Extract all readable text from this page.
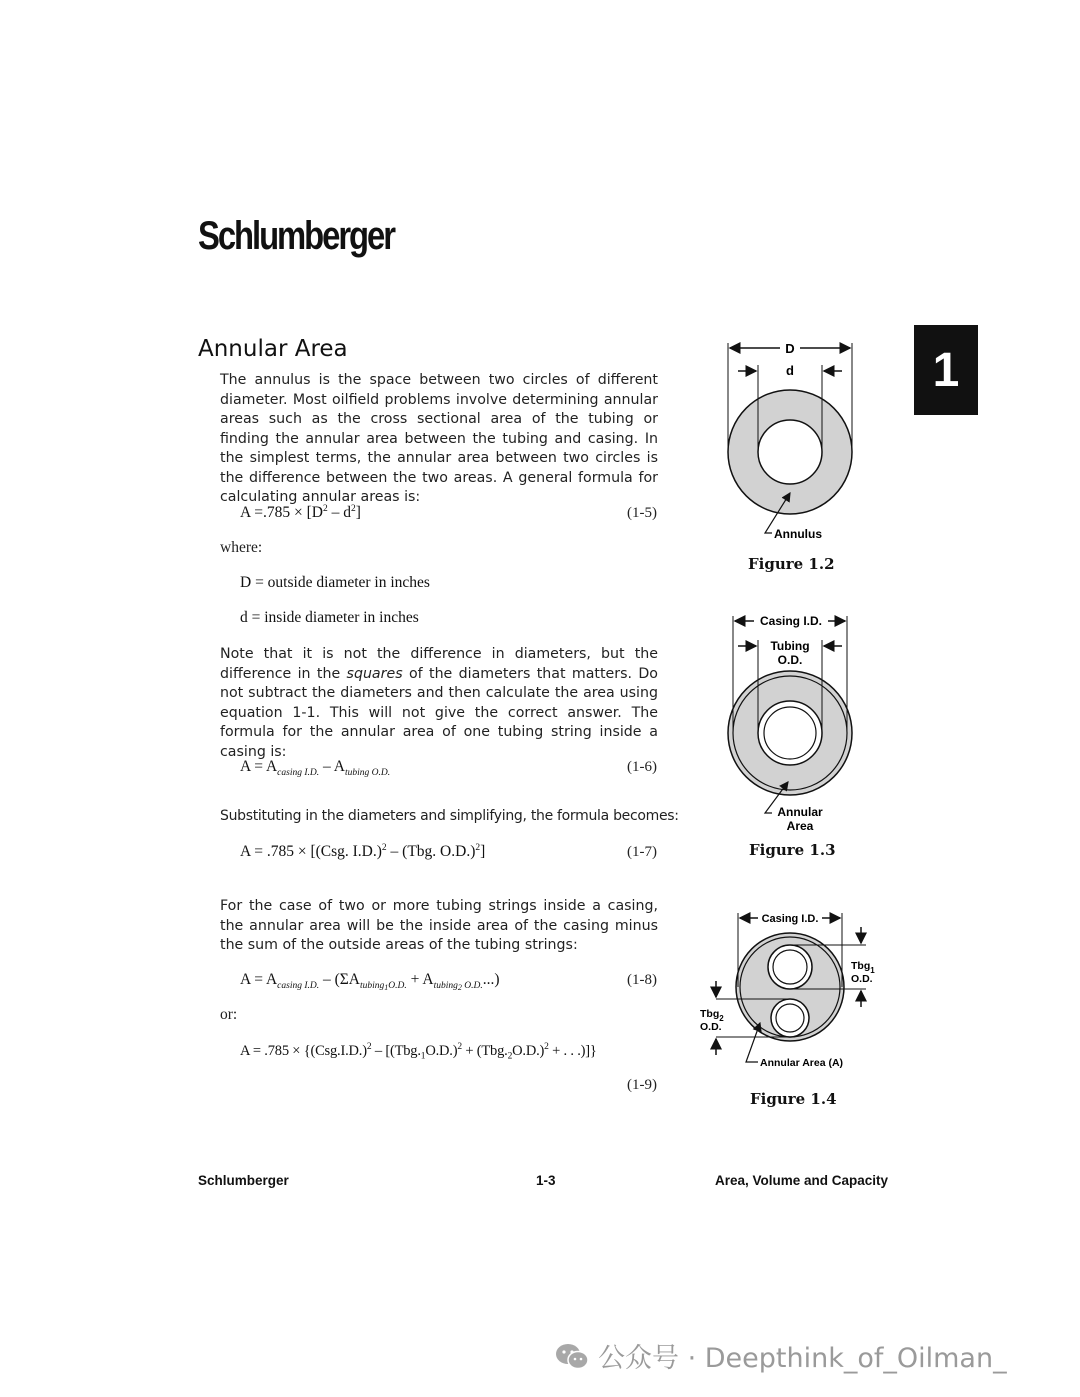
Schlumberger
1
Annular Area
The annulus is the space between two circles of different diameter. Most oilfield problems involve determining annular areas such as the cross sectional area of the tubing or finding the annular area between the tubing and casing. In the simplest terms, the annular area between two circles is the difference between the two areas. A general formula for calculating annular areas is:
$A =.785 \times [D^2 - d^2]$	(1-5)
where:
D = outside diameter in inches
d = inside diameter in inches
Note that it is not the difference in diameters, but the difference in the squares of the diameters that matters. Do not subtract the diameters and then calculate the area using equation 1-1. This will not give the correct answer. The formula for the annular area of one tubing string inside a casing is:
$A = A_{casing I.D.} - A_{tubing O.D.}$	(1-6)
Substituting in the diameters and simplifying, the formula becomes:
A = .785 × [(Csg. I.D.)$^2$ – (Tbg. O.D.)$^2$]	(1-7)
For the case of two or more tubing strings inside a casing, the annular area will be the inside area of the casing minus the sum of the outside areas of the tubing strings:
$A = A_{casing I.D.} - (\Sigma A_{tubing_1O.D.} + A_{tubing_2 O.D.}...)$	(1-8)
or:
$A = .785 \times \{(Csg.I.D.)^2 - [(Tbg._1O.D.)^2 + (Tbg._2O.D.)^2$ + . . .)]}
(1-9)
D
d
Annulus
Figure 1.2
Casing I.D.
Tubing
O.D.
Annular
Area
Figure 1.3
Casing I.D.
Tbg$_1$
O.D.
Tbg$_2$
O.D.
Annular Area (A)
Figure 1.4
Schlumberger	1-3	Area, Volume and Capacity
公众号 · Deepthink_of_Oilman_
